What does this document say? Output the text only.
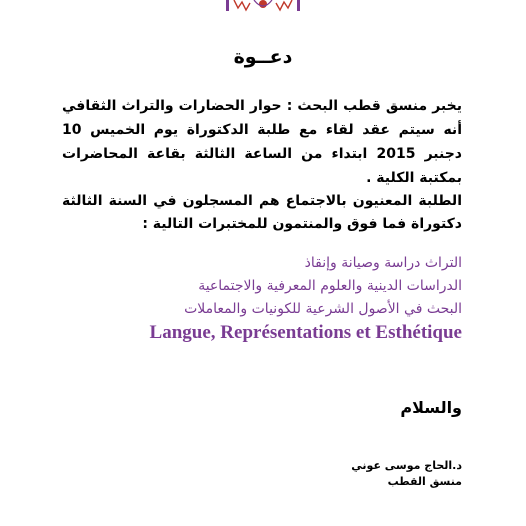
دعــوة
يخبر منسق قطب البحث : حوار الحضارات والتراث الثقافي أنه سيتم عقد لقاء مع طلبة الدكتوراة يوم الخميس 10 دجنبر 2015 ابتداء من الساعة الثالثة بقاعة المحاضرات بمكتبة الكلية .
الطلبة المعنيون بالاجتماع هم المسجلون في السنة الثالثة دكتوراة فما فوق والمنتمون للمختبرات التالية :
التراث دراسة وصيانة وإنقاذ
الدراسات الدينية والعلوم المعرفية والاجتماعية
البحث في الأصول الشرعية للكونيات والمعاملات
Langue, Représentations et Esthétique
والسلام
د.الحاج موسى عوني
منسق القطب
